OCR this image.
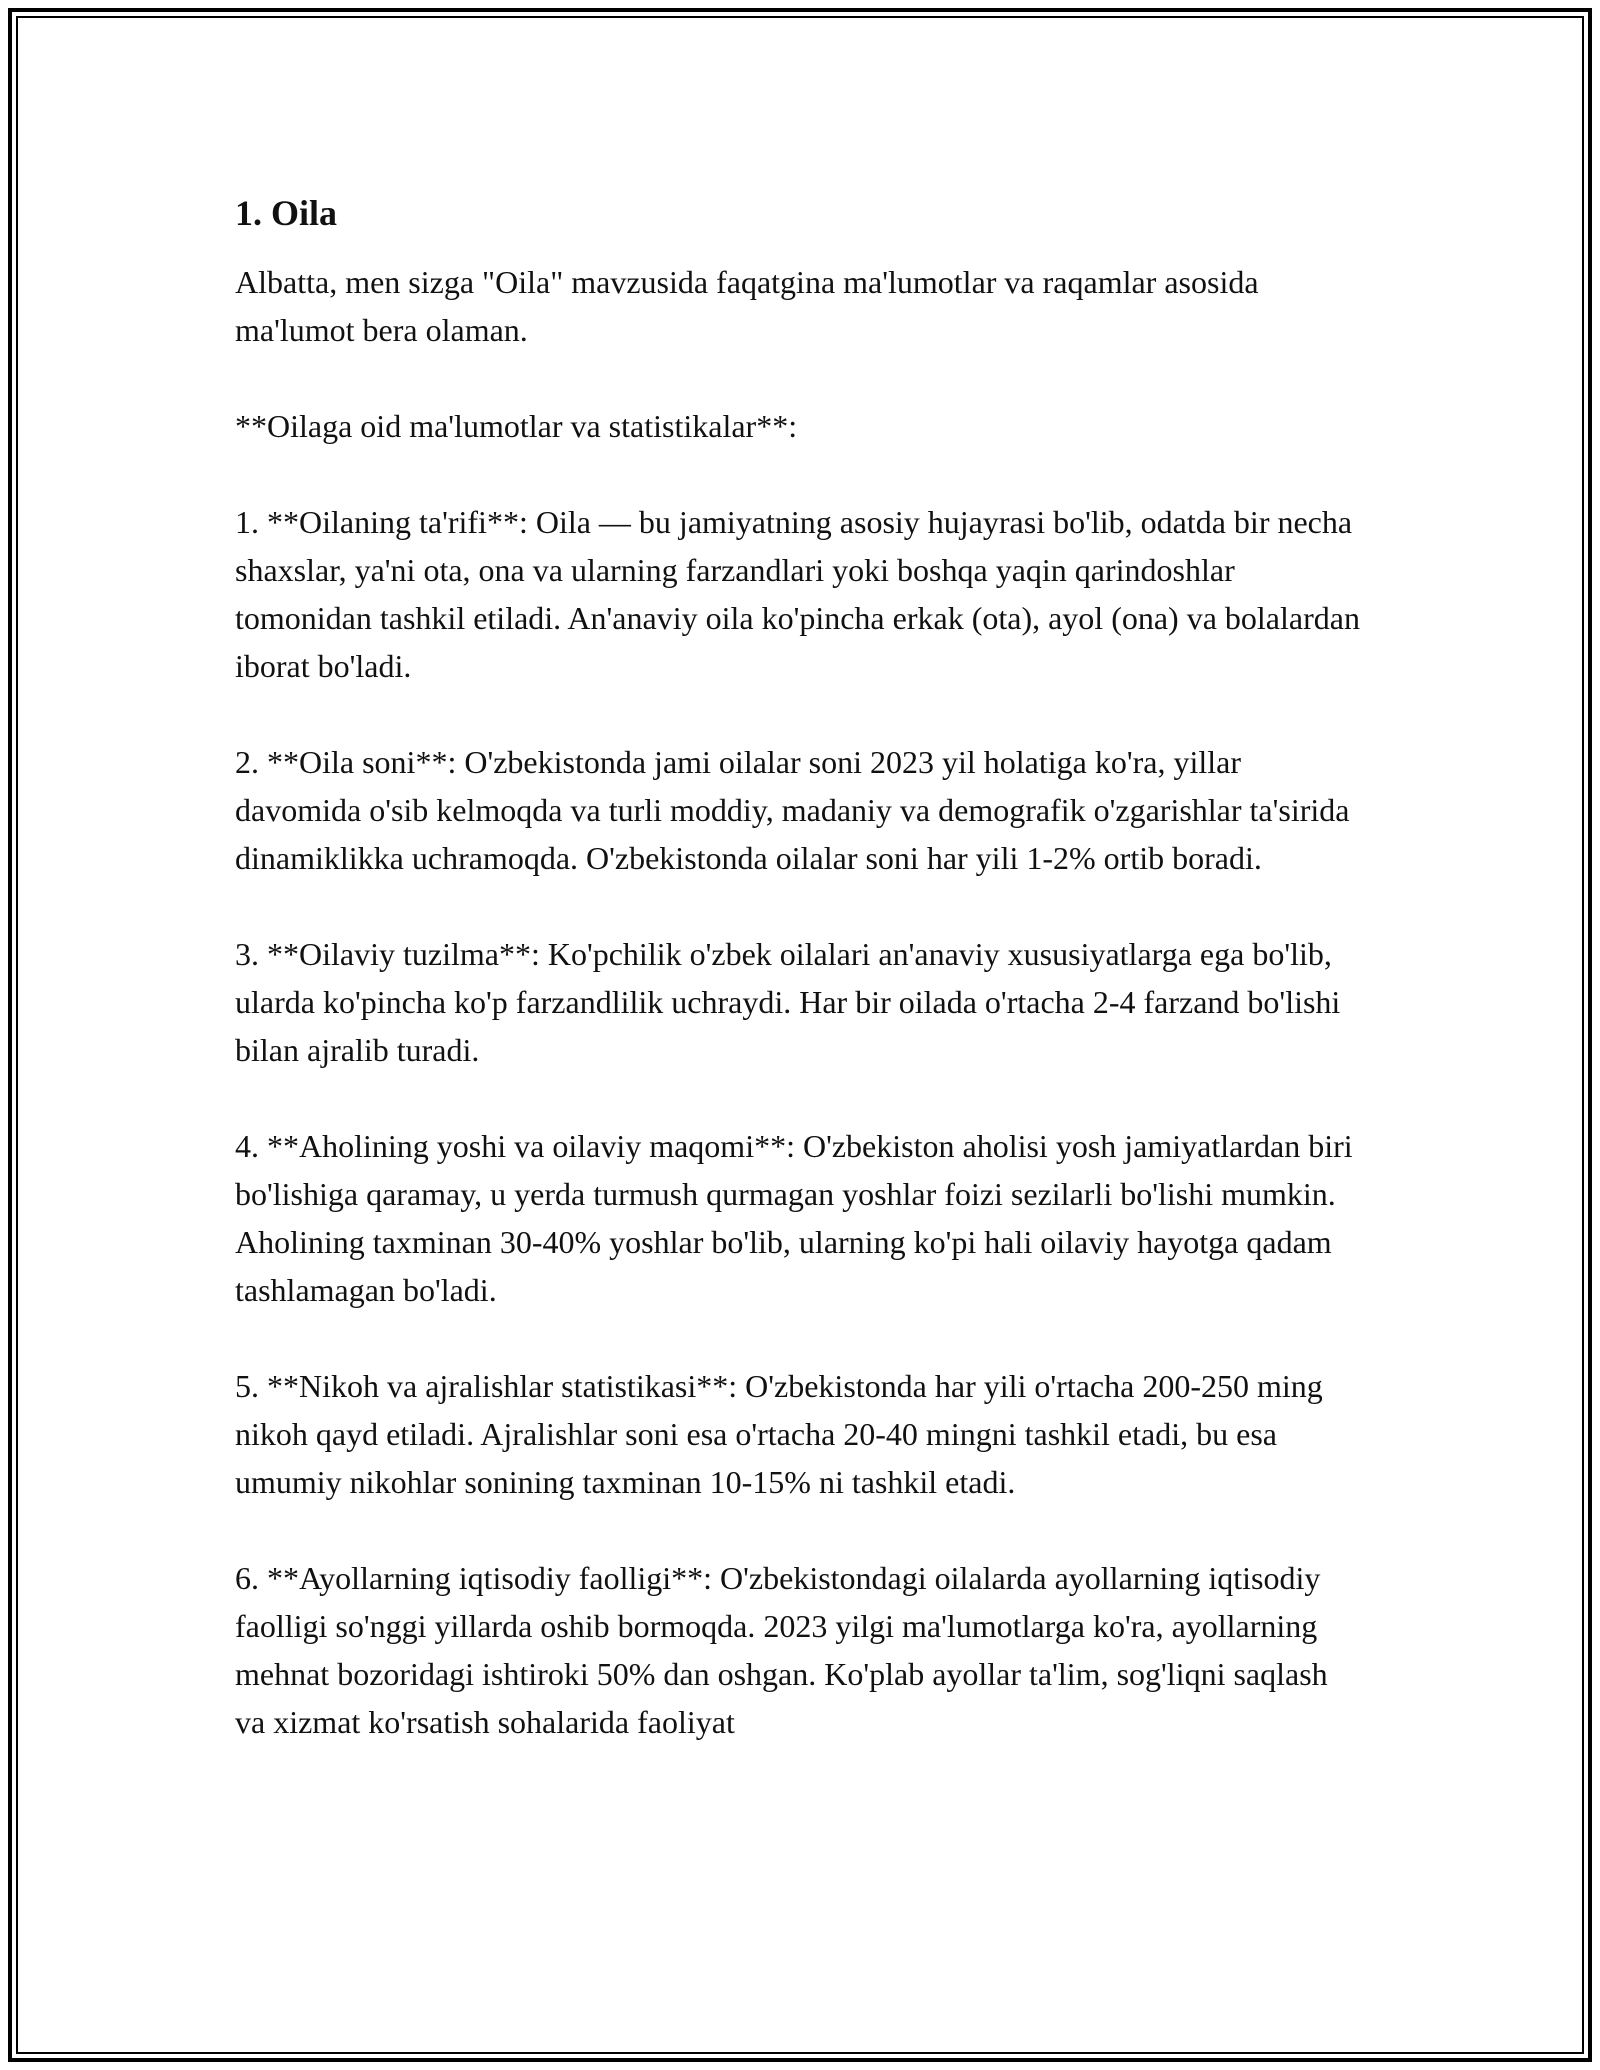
1. Oila

Albatta, men sizga "Oila" mavzusida faqatgina ma'lumotlar va raqamlar asosida ma'lumot bera olaman.

**Oilaga oid ma'lumotlar va statistikalar**:

1. **Oilaning ta'rifi**: Oila — bu jamiyatning asosiy hujayrasi bo'lib, odatda bir necha shaxslar, ya'ni ota, ona va ularning farzandlari yoki boshqa yaqin qarindoshlar tomonidan tashkil etiladi. An'anaviy oila ko'pincha erkak (ota), ayol (ona) va bolalardan iborat bo'ladi.

2. **Oila soni**: O'zbekistonda jami oilalar soni 2023 yil holatiga ko'ra, yillar davomida o'sib kelmoqda va turli moddiy, madaniy va demografik o'zgarishlar ta'sirida dinamiklikka uchramoqda. O'zbekistonda oilalar soni har yili 1-2% ortib boradi.

3. **Oilaviy tuzilma**: Ko'pchilik o'zbek oilalari an'anaviy xususiyatlarga ega bo'lib, ularda ko'pincha ko'p farzandlilik uchraydi. Har bir oilada o'rtacha 2-4 farzand bo'lishi bilan ajralib turadi.

4. **Aholining yoshi va oilaviy maqomi**: O'zbekiston aholisi yosh jamiyatlardan biri bo'lishiga qaramay, u yerda turmush qurmagan yoshlar foizi sezilarli bo'lishi mumkin. Aholining taxminan 30-40% yoshlar bo'lib, ularning ko'pi hali oilaviy hayotga qadam tashlamagan bo'ladi.

5. **Nikoh va ajralishlar statistikasi**: O'zbekistonda har yili o'rtacha 200-250 ming nikoh qayd etiladi. Ajralishlar soni esa o'rtacha 20-40 mingni tashkil etadi, bu esa umumiy nikohlar sonining taxminan 10-15% ni tashkil etadi.

6. **Ayollarning iqtisodiy faolligi**: O'zbekistondagi oilalarda ayollarning iqtisodiy faolligi so'nggi yillarda oshib bormoqda. 2023 yilgi ma'lumotlarga ko'ra, ayollarning mehnat bozoridagi ishtiroki 50% dan oshgan. Ko'plab ayollar ta'lim, sog'liqni saqlash va xizmat ko'rsatish sohalarida faoliyat
